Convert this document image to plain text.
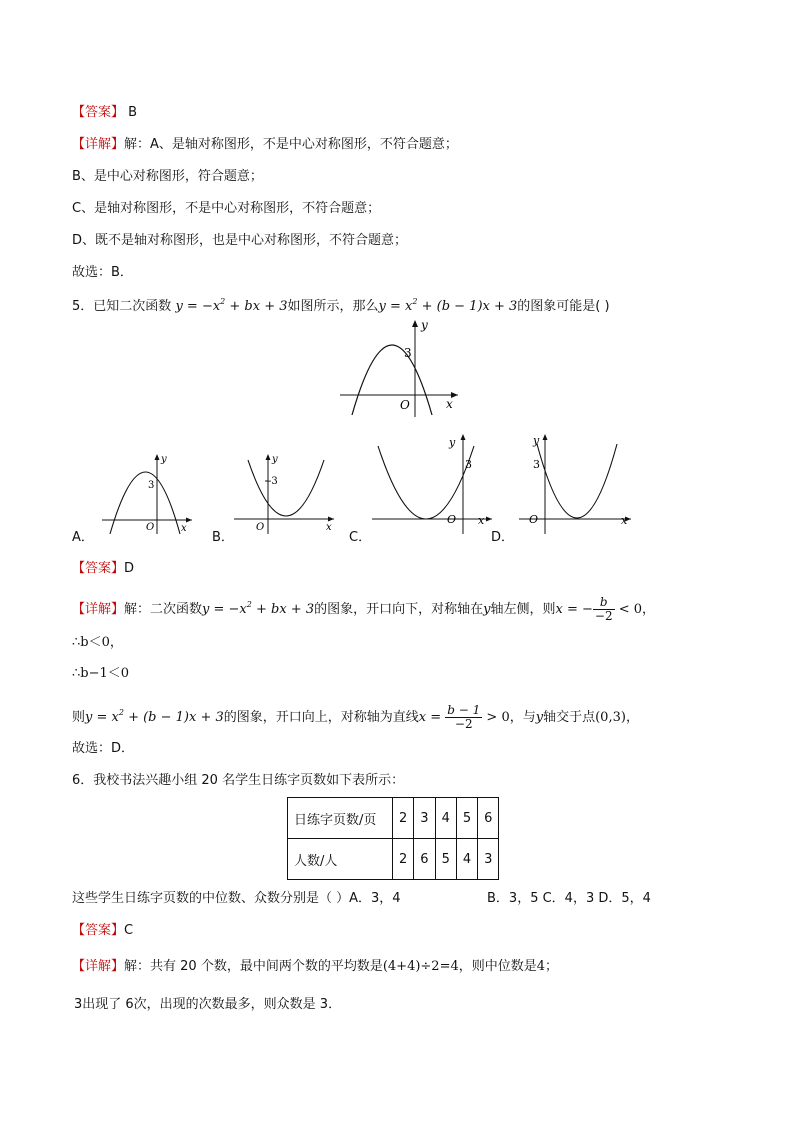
【答案】 B
【详解】解：A、是轴对称图形，不是中心对称图形，不符合题意；
B、是中心对称图形，符合题意；
C、是轴对称图形，不是中心对称图形，不符合题意；
D、既不是轴对称图形，也是中心对称图形，不符合题意；
故选：B．
5．已知二次函数 $y = -x^2$ + bx + 3如图所示，那么$y = x^2 + (b - 1)x + 3$的图象可能是( )
y
x
O
3
y
x
O
3
y
x
O
-3
y
x
O
3
y
x
O
3
A．	B．	C．	D．
【答案】D
【详解】解：二次函数$y = -x^2$ + bx + 3的图象，开口向下，对称轴在y轴左侧，则x = − $\frac{b}{-2} < 0$，
∴b＜0，
∴b−1＜0
则$y = x^2 + (b - 1)x + 3$的图象，开口向上，对称轴为直线$x = \frac{b - 1}{-2} > 0$，与y轴交于点(0,3)，
故选：D．
6．我校书法兴趣小组 20 名学生日练字页数如下表所示：
日练字页数/页	2	3	4	5	6
人数/人	2	6	5	4	3
这些学生日练字页数的中位数、众数分别是（ ）A．3，4	B．3，5 C．4，3 D．5，4
【答案】C
【详解】解：共有 20 个数，最中间两个数的平均数是(4+4)÷2=4，则中位数是4；
3出现了 6次，出现的次数最多，则众数是 3．
